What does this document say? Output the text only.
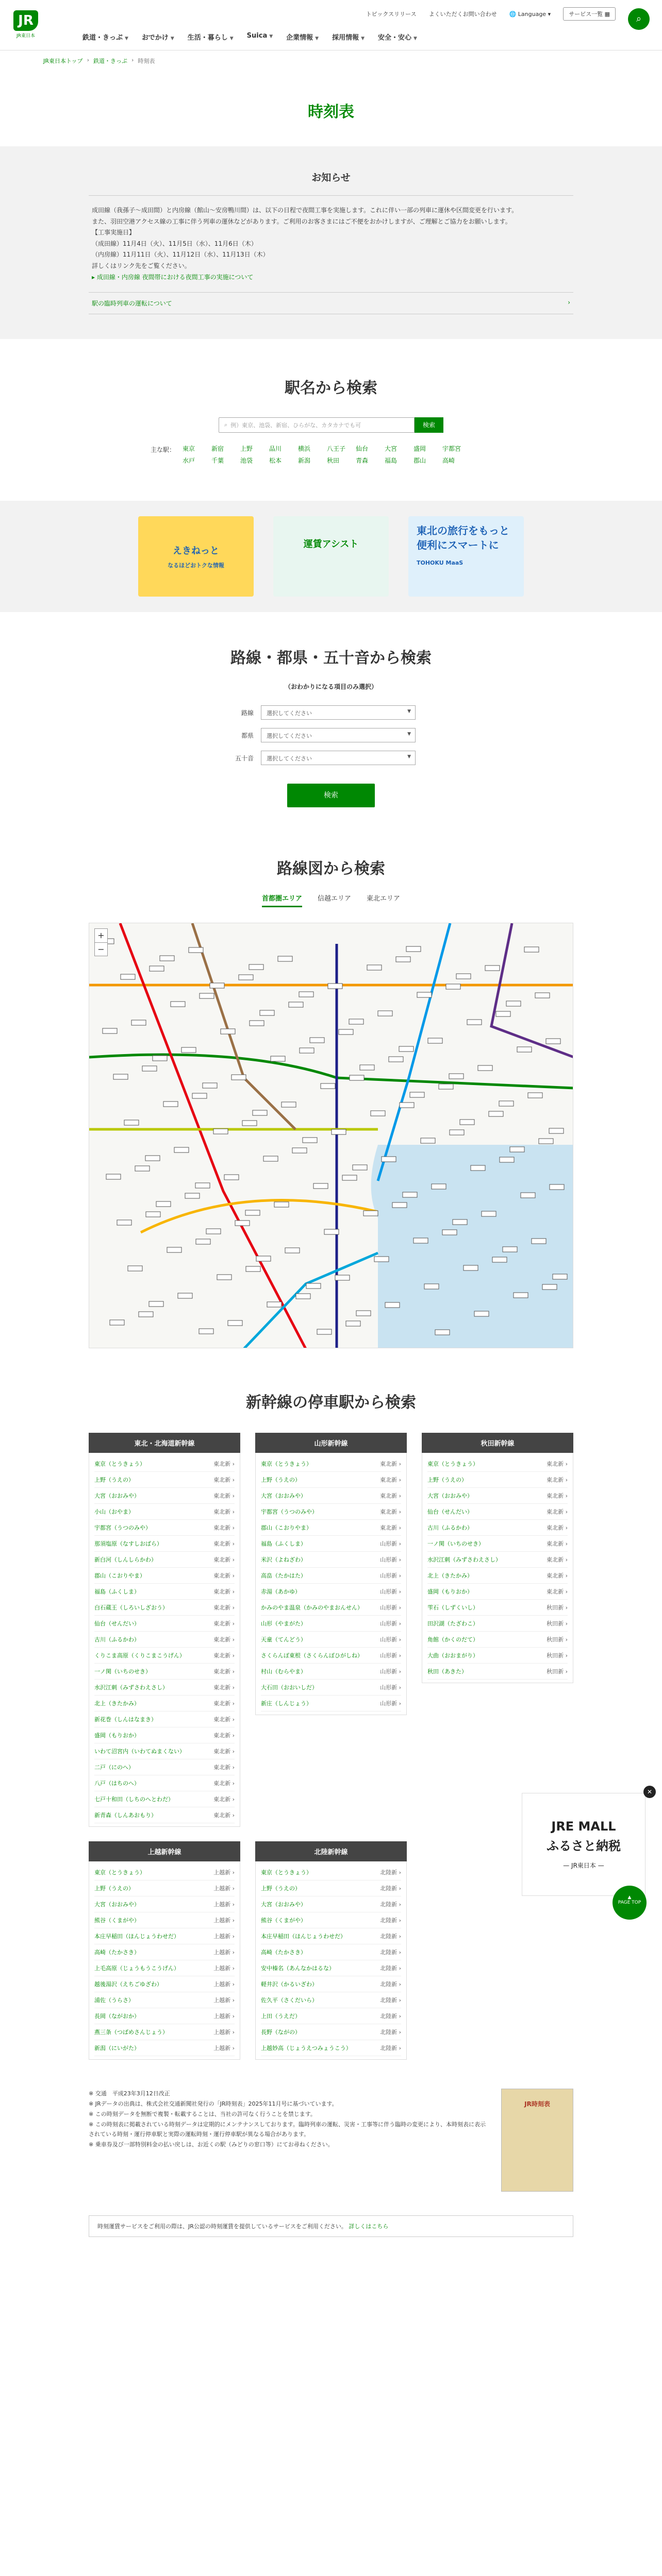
JR
JR東日本
トピックスリリース よくいただくお問い合わせ 🌐 Language ▾	サービス一覧 ▦	⌕
鉄道・きっぷ ▼ おでかけ ▼ 生活・暮らし ▼ Suica ▼ 企業情報 ▼ 採用情報 ▼ 安全・安心 ▼
JR東日本トップ › 鉄道・きっぷ › 時刻表
時刻表
お知らせ

成田線（我孫子〜成田間）と内房線（館山〜安房鴨川間）は、以下の日程で夜間工事を実施します。これに伴い一部の列車に運休や区間変更を行います。

また、羽田空港アクセス線の工事に伴う列車の運休などがあります。ご利用のお客さまにはご不便をおかけしますが、ご理解とご協力をお願いします。

【工事実施日】

（成田線）11月4日（火）、11月5日（水）、11月6日（木）

（内房線）11月11日（火）、11月12日（水）、11月13日（木）

詳しくはリンク先をご覧ください。

▸ 成田線・内房線 夜間帯における夜間工事の実施について

駅の臨時列車の運転について	›
駅名から検索
⌕ 例）東京、池袋、新宿、ひらがな、カタカナでも可	検索
主な駅： 東京	新宿	上野	品川	横浜	八王子	仙台	大宮	盛岡	宇都宮
水戸	千葉	池袋	松本	新潟	秋田	青森	福島	郡山	高崎
えきねっと
なるほどおトクな情報
運賃アシスト
東北の旅行をもっと便利にスマートに
TOHOKU MaaS
路線・都県・五十音から検索
（おわかりになる項目のみ選択）
路線	選択してください	▼
都県	選択してください	▼
五十音	選択してください	▼
検索
路線図から検索
首都圏エリア 信越エリア 東北エリア
+
−
新幹線の停車駅から検索
東北・北海道新幹線
東京（とうきょう）	東北新 ›
上野（うえの）	東北新 ›
大宮（おおみや）	東北新 ›
小山（おやま）	東北新 ›
宇都宮（うつのみや）	東北新 ›
那須塩原（なすしおばら）	東北新 ›
新白河（しんしらかわ）	東北新 ›
郡山（こおりやま）	東北新 ›
福島（ふくしま）	東北新 ›
白石蔵王（しろいしざおう）	東北新 ›
仙台（せんだい）	東北新 ›
古川（ふるかわ）	東北新 ›
くりこま高原（くりこまこうげん）	東北新 ›
一ノ関（いちのせき）	東北新 ›
水沢江刺（みずさわえさし）	東北新 ›
北上（きたかみ）	東北新 ›
新花巻（しんはなまき）	東北新 ›
盛岡（もりおか）	東北新 ›
いわて沼宮内（いわてぬまくない）	東北新 ›
二戸（にのへ）	東北新 ›
八戸（はちのへ）	東北新 ›
七戸十和田（しちのへとわだ）	東北新 ›
新青森（しんあおもり）	東北新 ›
山形新幹線
東京（とうきょう）	東北新 ›
上野（うえの）	東北新 ›
大宮（おおみや）	東北新 ›
宇都宮（うつのみや）	東北新 ›
郡山（こおりやま）	東北新 ›
福島（ふくしま）	山形新 ›
米沢（よねざわ）	山形新 ›
高畠（たかはた）	山形新 ›
赤湯（あかゆ）	山形新 ›
かみのやま温泉（かみのやまおんせん）	山形新 ›
山形（やまがた）	山形新 ›
天童（てんどう）	山形新 ›
さくらんぼ東根（さくらんぼひがしね）	山形新 ›
村山（むらやま）	山形新 ›
大石田（おおいしだ）	山形新 ›
新庄（しんじょう）	山形新 ›
秋田新幹線
東京（とうきょう）	東北新 ›
上野（うえの）	東北新 ›
大宮（おおみや）	東北新 ›
仙台（せんだい）	東北新 ›
古川（ふるかわ）	東北新 ›
一ノ関（いちのせき）	東北新 ›
水沢江刺（みずさわえさし）	東北新 ›
北上（きたかみ）	東北新 ›
盛岡（もりおか）	東北新 ›
雫石（しずくいし）	秋田新 ›
田沢湖（たざわこ）	秋田新 ›
角館（かくのだて）	秋田新 ›
大曲（おおまがり）	秋田新 ›
秋田（あきた）	秋田新 ›
上越新幹線
東京（とうきょう）	上越新 ›
上野（うえの）	上越新 ›
大宮（おおみや）	上越新 ›
熊谷（くまがや）	上越新 ›
本庄早稲田（ほんじょうわせだ）	上越新 ›
高崎（たかさき）	上越新 ›
上毛高原（じょうもうこうげん）	上越新 ›
越後湯沢（えちごゆざわ）	上越新 ›
浦佐（うらさ）	上越新 ›
長岡（ながおか）	上越新 ›
燕三条（つばめさんじょう）	上越新 ›
新潟（にいがた）	上越新 ›
北陸新幹線
東京（とうきょう）	北陸新 ›
上野（うえの）	北陸新 ›
大宮（おおみや）	北陸新 ›
熊谷（くまがや）	北陸新 ›
本庄早稲田（ほんじょうわせだ）	北陸新 ›
高崎（たかさき）	北陸新 ›
安中榛名（あんなかはるな）	北陸新 ›
軽井沢（かるいざわ）	北陸新 ›
佐久平（さくだいら）	北陸新 ›
上田（うえだ）	北陸新 ›
長野（ながの）	北陸新 ›
上越妙高（じょうえつみょうこう）	北陸新 ›
※ 交通　平成23年3月12日改正
※ JRデータの出典は、株式会社交通新聞社発行の「JR時刻表」2025年11月号に基づいています。
※ この時刻データを無断で複製・転載することは、当社の許可なく行うことを禁じます。
※ この時刻表に掲載されている時刻データは定期的にメンテナンスしております。臨時列車の運転、災害・工事等に伴う臨時の変更により、本時刻表に表示されている時刻・運行停車駅と実際の運転時刻・運行停車駅が異なる場合があります。
※ 乗車券及び一部特別料金の払い戻しは、お近くの駅（みどりの窓口等）にてお尋ねください。
JR時刻表
時刻運賃サービスをご利用の際は、JR公認の時刻運賃を提供しているサービスをご利用ください。 詳しくはこちら
JRE MALL
ふるさと納税
— JR東日本 —
✕
▲
PAGE TOP
